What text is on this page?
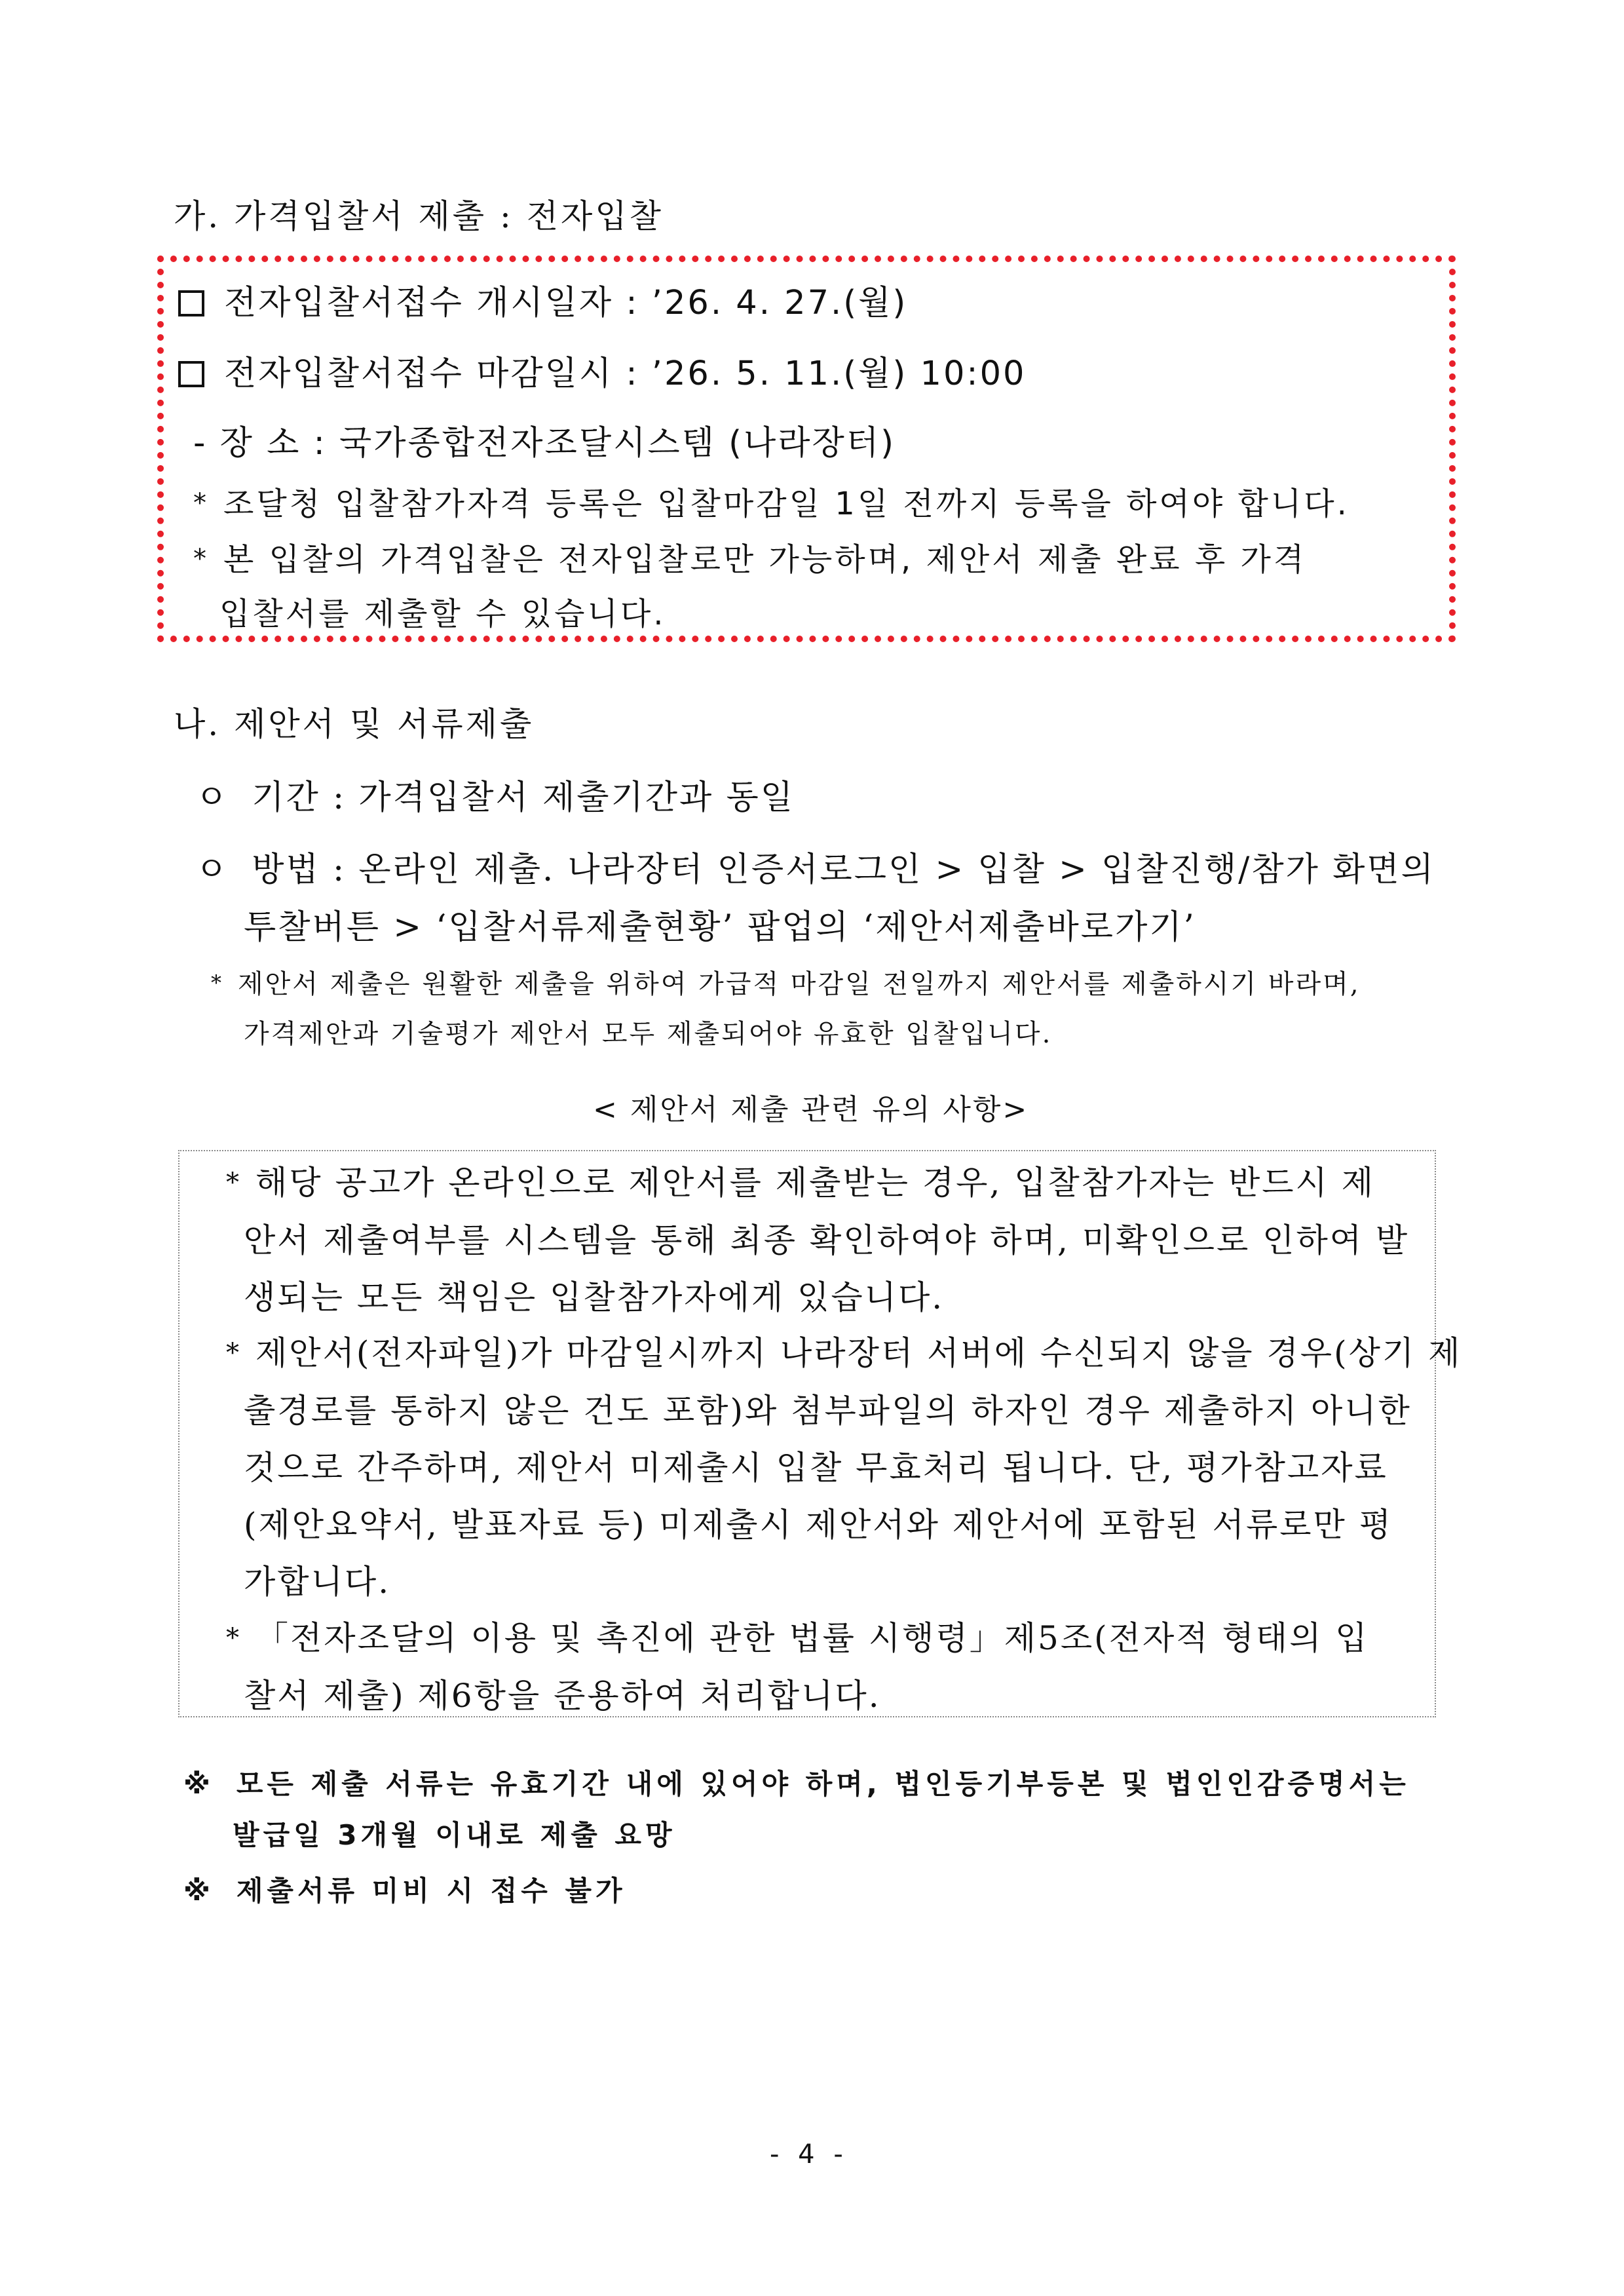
가. 가격입찰서 제출 : 전자입찰
전자입찰서접수 개시일자 : ’26. 4. 27.(월)
전자입찰서접수 마감일시 : ’26. 5. 11.(월) 10:00
- 장 소 : 국가종합전자조달시스템 (나라장터)
* 조달청 입찰참가자격 등록은 입찰마감일 1일 전까지 등록을 하여야 합니다.
* 본 입찰의 가격입찰은 전자입찰로만 가능하며, 제안서 제출 완료 후 가격
입찰서를 제출할 수 있습니다.
나. 제안서 및 서류제출
ㅇ 기간 : 가격입찰서 제출기간과 동일
ㅇ 방법 : 온라인 제출. 나라장터 인증서로그인 > 입찰 > 입찰진행/참가 화면의
투찰버튼 > ‘입찰서류제출현황’ 팝업의 ‘제안서제출바로가기’
* 제안서 제출은 원활한 제출을 위하여 가급적 마감일 전일까지 제안서를 제출하시기 바라며,
가격제안과 기술평가 제안서 모두 제출되어야 유효한 입찰입니다.
< 제안서 제출 관련 유의 사항>
* 해당 공고가 온라인으로 제안서를 제출받는 경우, 입찰참가자는 반드시 제
안서 제출여부를 시스템을 통해 최종 확인하여야 하며, 미확인으로 인하여 발
생되는 모든 책임은 입찰참가자에게 있습니다.
* 제안서(전자파일)가 마감일시까지 나라장터 서버에 수신되지 않을 경우(상기 제
출경로를 통하지 않은 건도 포함)와 첨부파일의 하자인 경우 제출하지 아니한
것으로 간주하며, 제안서 미제출시 입찰 무효처리 됩니다. 단, 평가참고자료
(제안요약서, 발표자료 등) 미제출시 제안서와 제안서에 포함된 서류로만 평
가합니다.
* 「전자조달의 이용 및 촉진에 관한 법률 시행령」제5조(전자적 형태의 입
찰서 제출) 제6항을 준용하여 처리합니다.
※ 모든 제출 서류는 유효기간 내에 있어야 하며, 법인등기부등본 및 법인인감증명서는
발급일 3개월 이내로 제출 요망
※ 제출서류 미비 시 접수 불가
- 4 -
